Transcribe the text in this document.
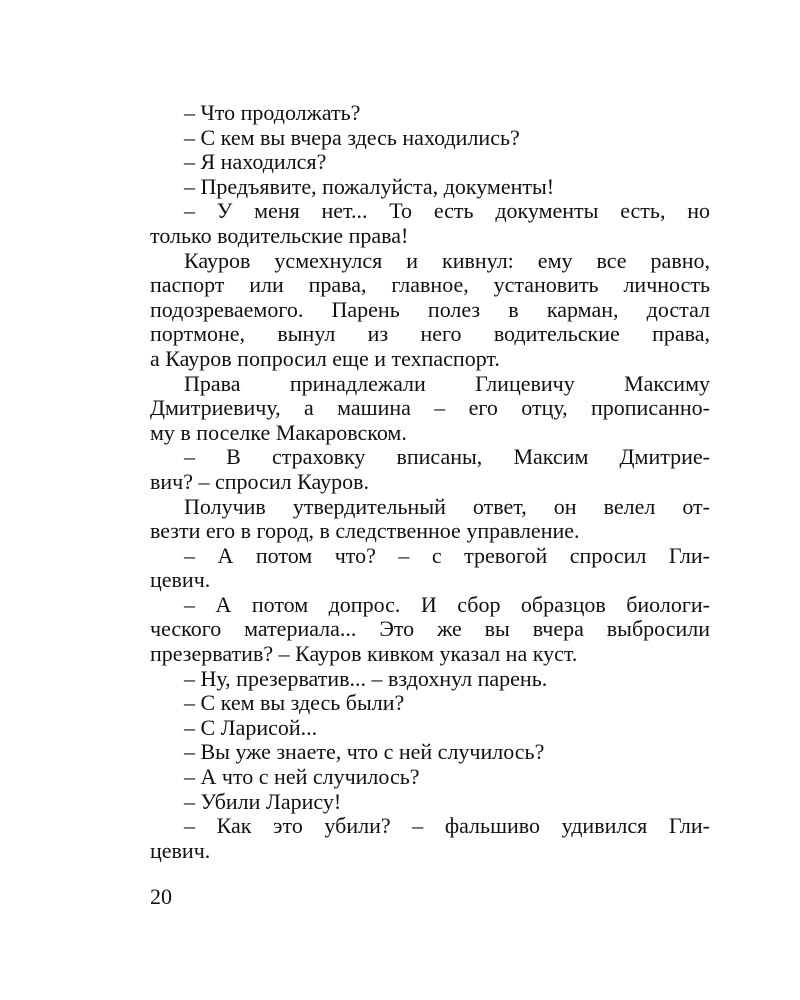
– Что продолжать?
– С кем вы вчера здесь находились?
– Я находился?
– Предъявите, пожалуйста, документы!
– У меня нет... То есть документы есть, но
только водительские права!
Кауров усмехнулся и кивнул: ему все равно,
паспорт или права, главное, установить личность
подозреваемого. Парень полез в карман, достал
портмоне, вынул из него водительские права,
а Кауров попросил еще и техпаспорт.
Права принадлежали Глицевичу Максиму
Дмитриевичу, а машина – его отцу, прописанно-
му в поселке Макаровском.
– В страховку вписаны, Максим Дмитрие-
вич? – спросил Кауров.
Получив утвердительный ответ, он велел от-
везти его в город, в следственное управление.
– А потом что? – с тревогой спросил Гли-
цевич.
– А потом допрос. И сбор образцов биологи-
ческого материала... Это же вы вчера выбросили
презерватив? – Кауров кивком указал на куст.
– Ну, презерватив... – вздохнул парень.
– С кем вы здесь были?
– С Ларисой...
– Вы уже знаете, что с ней случилось?
– А что с ней случилось?
– Убили Ларису!
– Как это убили? – фальшиво удивился Гли-
цевич.
20
